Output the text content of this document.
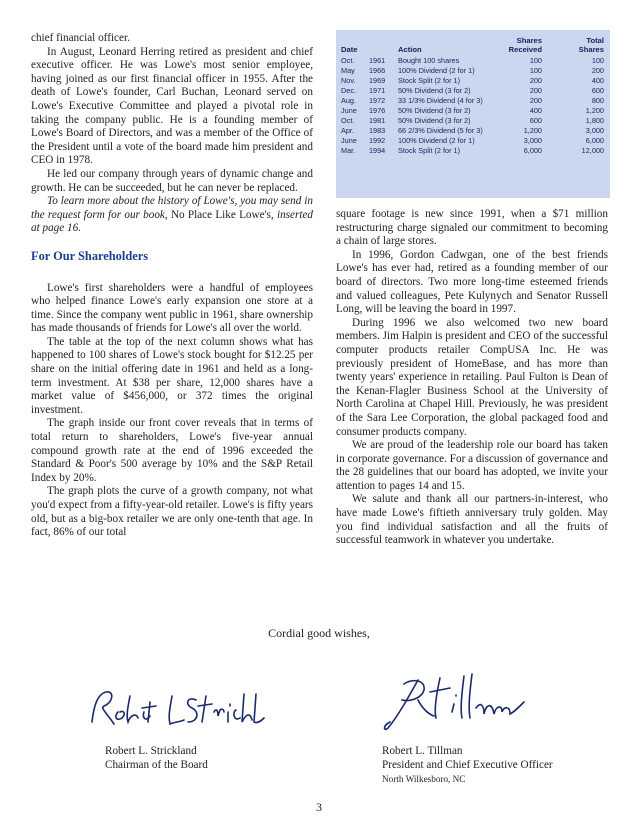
chief financial officer.

In August, Leonard Herring retired as president and chief executive officer. He was Lowe's most senior employee, having joined as our first financial officer in 1955. After the death of Lowe's founder, Carl Buchan, Leonard served on Lowe's Executive Committee and played a pivotal role in taking the company public. He is a founding member of Lowe's Board of Directors, and was a member of the Office of the President until a vote of the board made him president and CEO in 1978.

He led our company through years of dynamic change and growth. He can be succeeded, but he can never be replaced.

To learn more about the history of Lowe's, you may send in the request form for our book, No Place Like Lowe's, inserted at page 16.

For Our Shareholders

Lowe's first shareholders were a handful of employees who helped finance Lowe's early expansion one store at a time. Since the company went public in 1961, share ownership has made thousands of friends for Lowe's all over the world.

The table at the top of the next column shows what has happened to 100 shares of Lowe's stock bought for $12.25 per share on the initial offering date in 1961 and held as a long-term investment. At $38 per share, 12,000 shares have a market value of $456,000, or 372 times the original investment.

The graph inside our front cover reveals that in terms of total return to shareholders, Lowe's five-year annual compound growth rate at the end of 1996 exceeded the Standard & Poor's 500 average by 10% and the S&P Retail Index by 20%.

The graph plots the curve of a growth company, not what you'd expect from a fifty-year-old retailer. Lowe's is fifty years old, but as a big-box retailer we are only one-tenth that age. In fact, 86% of our total

Shares	Total
Date	Action	Received	Shares
Oct. 1961 Bought 100 shares	100	100
May 1966 100% Dividend (2 for 1)	100	200
Nov. 1969 Stock Split (2 for 1)	200	400
Dec. 1971 50% Dividend (3 for 2)	200	600
Aug. 1972 33 1/3% Dividend (4 for 3)	200	800
June 1976 50% Dividend (3 for 2)	400	1,200
Oct. 1981 50% Dividend (3 for 2)	600	1,800
Apr. 1983 66 2/3% Dividend (5 for 3)	1,200	3,000
June 1992 100% Dividend (2 for 1)	3,000	6,000
Mar. 1994 Stock Split (2 for 1)	6,000	12,000

square footage is new since 1991, when a $71 million restructuring charge signaled our commitment to becoming a chain of large stores.

In 1996, Gordon Cadwgan, one of the best friends Lowe's has ever had, retired as a founding member of our board of directors. Two more long-time esteemed friends and valued colleagues, Pete Kulynych and Senator Russell Long, will be leaving the board in 1997.

During 1996 we also welcomed two new board members. Jim Halpin is president and CEO of the successful computer products retailer CompUSA Inc. He was previously president of HomeBase, and has more than twenty years' experience in retailing. Paul Fulton is Dean of the Kenan-Flagler Business School at the University of North Carolina at Chapel Hill. Previously, he was president of the Sara Lee Corporation, the global packaged food and consumer products company.

We are proud of the leadership role our board has taken in corporate governance. For a discussion of governance and the 28 guidelines that our board has adopted, we invite your attention to pages 14 and 15.

We salute and thank all our partners-in-interest, who have made Lowe's fiftieth anniversary truly golden. May you find individual satisfaction and all the fruits of successful teamwork in whatever you undertake.

Cordial good wishes,
Robert L. Strickland
Chairman of the Board
Robert L. Tillman
President and Chief Executive Officer
North Wilkesboro, NC
3
